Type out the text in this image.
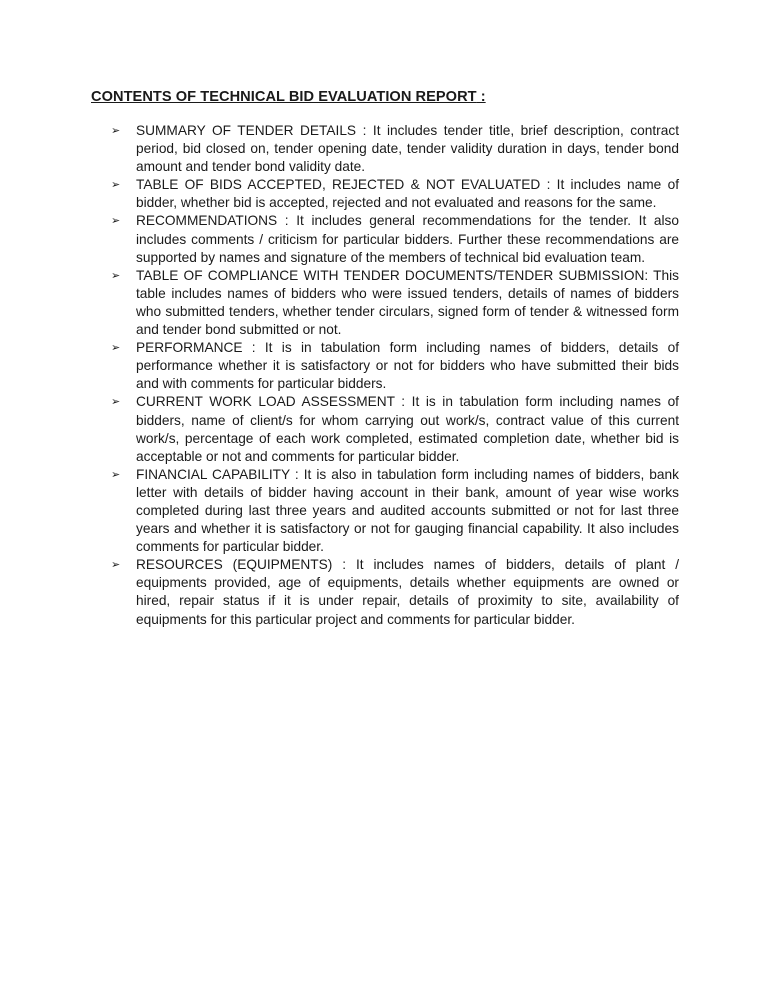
CONTENTS OF TECHNICAL BID EVALUATION REPORT :
➢ SUMMARY OF TENDER DETAILS : It includes tender title, brief description, contract period, bid closed on, tender opening date, tender validity duration in days, tender bond amount and tender bond validity date.
➢ TABLE OF BIDS ACCEPTED, REJECTED & NOT EVALUATED : It includes name of bidder, whether bid is accepted, rejected and not evaluated and reasons for the same.
➢ RECOMMENDATIONS : It includes general recommendations for the tender. It also includes comments / criticism for particular bidders. Further these recommendations are supported by names and signature of the members of technical bid evaluation team.
➢ TABLE OF COMPLIANCE WITH TENDER DOCUMENTS/TENDER SUBMISSION: This table includes names of bidders who were issued tenders, details of names of bidders who submitted tenders, whether tender circulars, signed form of tender & witnessed form and tender bond submitted or not.
➢ PERFORMANCE : It is in tabulation form including names of bidders, details of performance whether it is satisfactory or not for bidders who have submitted their bids and with comments for particular bidders.
➢ CURRENT WORK LOAD ASSESSMENT : It is in tabulation form including names of bidders, name of client/s for whom carrying out work/s, contract value of this current work/s, percentage of each work completed, estimated completion date, whether bid is acceptable or not and comments for particular bidder.
➢ FINANCIAL CAPABILITY : It is also in tabulation form including names of bidders, bank letter with details of bidder having account in their bank, amount of year wise works completed during last three years and audited accounts submitted or not for last three years and whether it is satisfactory or not for gauging financial capability. It also includes comments for particular bidder.
➢ RESOURCES (EQUIPMENTS) : It includes names of bidders, details of plant / equipments provided, age of equipments, details whether equipments are owned or hired, repair status if it is under repair, details of proximity to site, availability of equipments for this particular project and comments for particular bidder.
